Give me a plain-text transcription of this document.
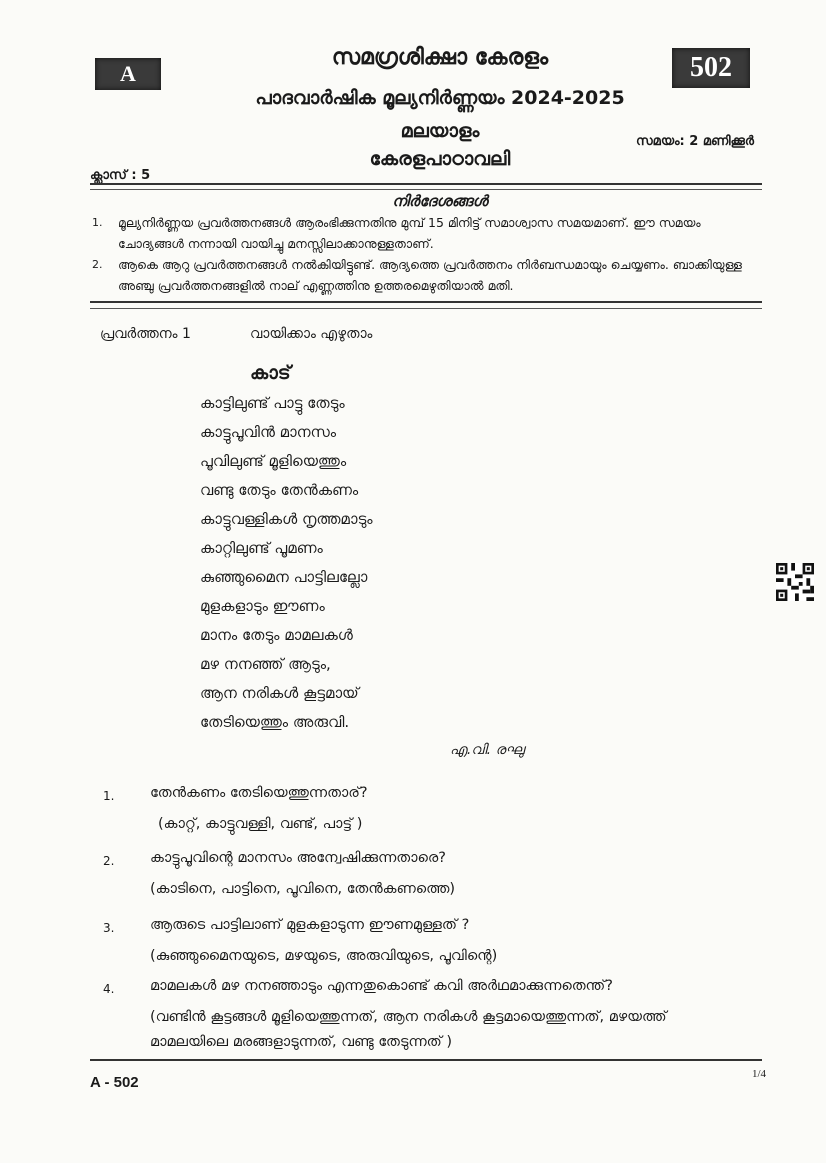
A	502
സമഗ്രശിക്ഷാ കേരളം
പാദവാർഷിക മൂല്യനിർണ്ണയം 2024-2025
മലയാളം
കേരളപാഠാവലി
ക്ലാസ് : 5
സമയം: 2 മണിക്കൂർ
നിർദേശങ്ങൾ
1.	മൂല്യനിർണ്ണയ പ്രവർത്തനങ്ങൾ ആരംഭിക്കുന്നതിനു മുമ്പ് 15 മിനിട്ട് സമാശ്വാസ സമയമാണ്. ഈ സമയം ചോദ്യങ്ങൾ നന്നായി വായിച്ചു മനസ്സിലാക്കാനുള്ളതാണ്.
2.	ആകെ ആറു പ്രവർത്തനങ്ങൾ നൽകിയിട്ടുണ്ട്. ആദ്യത്തെ പ്രവർത്തനം നിർബന്ധമായും ചെയ്യണം. ബാക്കിയുള്ള അഞ്ചു പ്രവർത്തനങ്ങളിൽ നാല് എണ്ണത്തിനു ഉത്തരമെഴുതിയാൽ മതി.
പ്രവർത്തനം 1	വായിക്കാം എഴുതാം
കാട്
കാട്ടിലുണ്ട് പാട്ടു തേടും
കാട്ടുപൂവിൻ മാനസം
പൂവിലുണ്ട് മൂളിയെത്തും
വണ്ടു തേടും തേൻകണം
കാട്ടുവള്ളികൾ നൃത്തമാടും
കാറ്റിലുണ്ട് പൂമണം
കുഞ്ഞുമൈന പാട്ടിലല്ലോ
മുളകളാടും ഈണം
മാനം തേടും മാമലകൾ
മഴ നനഞ്ഞ് ആടും,
ആന നരികൾ കൂട്ടമായ്
തേടിയെത്തും അരുവി.
എ.വി. രഘു
1. തേൻകണം തേടിയെത്തുന്നതാര്?
(കാറ്റ്, കാട്ടുവള്ളി, വണ്ട്, പാട്ട് )
2. കാട്ടുപൂവിന്റെ മാനസം അന്വേഷിക്കുന്നതാരെ?
(കാടിനെ, പാട്ടിനെ, പൂവിനെ, തേൻകണത്തെ)
3. ആരുടെ പാട്ടിലാണ് മുളകളാടുന്ന ഈണമുള്ളത് ?
(കുഞ്ഞുമൈനയുടെ, മഴയുടെ, അരുവിയുടെ, പൂവിന്റെ)
4. മാമലകൾ മഴ നനഞ്ഞാടും എന്നതുകൊണ്ട് കവി അർഥമാക്കുന്നതെന്ത്?
(വണ്ടിൻ കൂട്ടങ്ങൾ മൂളിയെത്തുന്നത്, ആന നരികൾ കൂട്ടമായെത്തുന്നത്, മഴയത്ത്
മാമലയിലെ മരങ്ങളാടുന്നത്, വണ്ടു തേടുന്നത് )
A - 502	1/4
